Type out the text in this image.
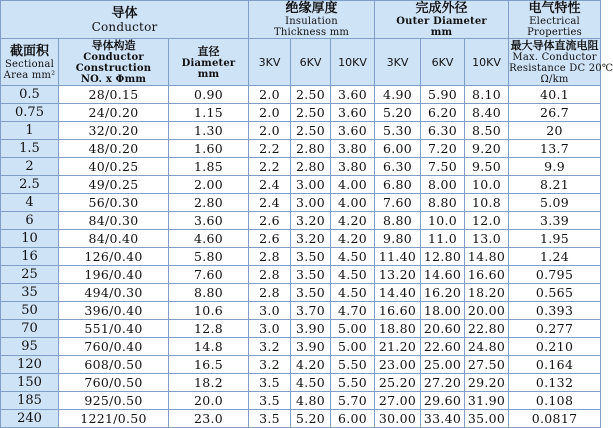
导体
Conductor			绝缘厚度
Insulation
Thickness mm			完成外径
Outer Diameter
mm			电气特性
Electrical
Properties

截面积
Sectional
Area mm²	导体构造
Conductor
Construction
NO. x Φmm	直径
Diameter
mm	3KV	6KV	10KV	3KV	6KV	10KV	最大导体直流电阻
Max. Conductor
Resistance DC 20℃
Ω/km

0.5	28/0.15	0.90	2.0	2.50	3.60	4.90	5.90	8.10	40.1
0.75	24/0.20	1.15	2.0	2.50	3.60	5.20	6.20	8.40	26.7
1	32/0.20	1.30	2.0	2.50	3.60	5.30	6.30	8.50	20
1.5	48/0.20	1.60	2.2	2.80	3.80	6.00	7.20	9.20	13.7
2	40/0.25	1.85	2.2	2.80	3.80	6.30	7.50	9.50	9.9
2.5	49/0.25	2.00	2.4	3.00	4.00	6.80	8.00	10.0	8.21
4	56/0.30	2.80	2.4	3.00	4.00	7.60	8.80	10.8	5.09
6	84/0.30	3.60	2.6	3.20	4.20	8.80	10.0	12.0	3.39
10	84/0.40	4.60	2.6	3.20	4.20	9.80	11.0	13.0	1.95
16	126/0.40	5.80	2.8	3.50	4.50	11.40	12.80	14.80	1.24
25	196/0.40	7.60	2.8	3.50	4.50	13.20	14.60	16.60	0.795
35	494/0.30	8.80	2.8	3.50	4.50	14.40	16.20	18.20	0.565
50	396/0.40	10.6	3.0	3.70	4.70	16.60	18.00	20.00	0.393
70	551/0.40	12.8	3.0	3.90	5.00	18.80	20.60	22.80	0.277
95	760/0.40	14.8	3.2	3.90	5.00	21.20	22.60	24.80	0.210
120	608/0.50	16.5	3.2	4.20	5.50	23.00	25.00	27.50	0.164
150	760/0.50	18.2	3.5	4.50	5.50	25.20	27.20	29.20	0.132
185	925/0.50	20.0	3.5	4.80	5.70	27.00	29.60	31.90	0.108
240	1221/0.50	23.0	3.5	5.20	6.00	30.00	33.40	35.00	0.0817
